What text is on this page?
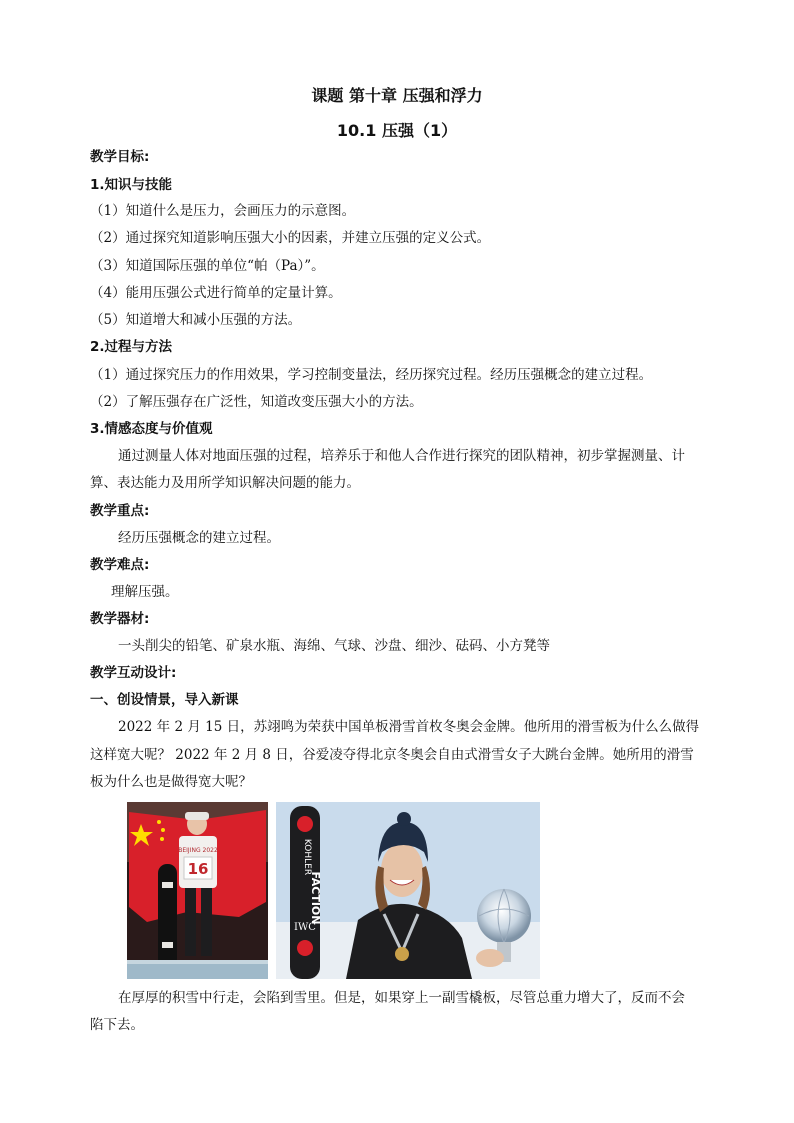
课题 第十章 压强和浮力
10.1 压强（1）
教学目标:
1.知识与技能
（1）知道什么是压力，会画压力的示意图。
（2）通过探究知道影响压强大小的因素，并建立压强的定义公式。
（3）知道国际压强的单位“帕（Pa）”。
（4）能用压强公式进行简单的定量计算。
（5）知道增大和减小压强的方法。
2.过程与方法
（1）通过探究压力的作用效果，学习控制变量法，经历探究过程。经历压强概念的建立过程。
（2）了解压强存在广泛性，知道改变压强大小的方法。
3.情感态度与价值观
通过测量人体对地面压强的过程，培养乐于和他人合作进行探究的团队精神，初步掌握测量、计
算、表达能力及用所学知识解决问题的能力。
教学重点:
经历压强概念的建立过程。
教学难点:
理解压强。
教学器材:
一头削尖的铅笔、矿泉水瓶、海绵、气球、沙盘、细沙、砝码、小方凳等
教学互动设计:
一、创设情景，导入新课
2022 年 2 月 15 日，苏翊鸣为荣获中国单板滑雪首枚冬奥会金牌。他所用的滑雪板为什么么做得
这样宽大呢？ 2022 年 2 月 8 日，谷爱凌夺得北京冬奥会自由式滑雪女子大跳台金牌。她所用的滑雪
板为什么也是做得宽大呢？
BEIJING 2022
16	KOHLER
FACTION
IWC
在厚厚的积雪中行走，会陷到雪里。但是，如果穿上一副雪橇板，尽管总重力增大了，反而不会
陷下去。
